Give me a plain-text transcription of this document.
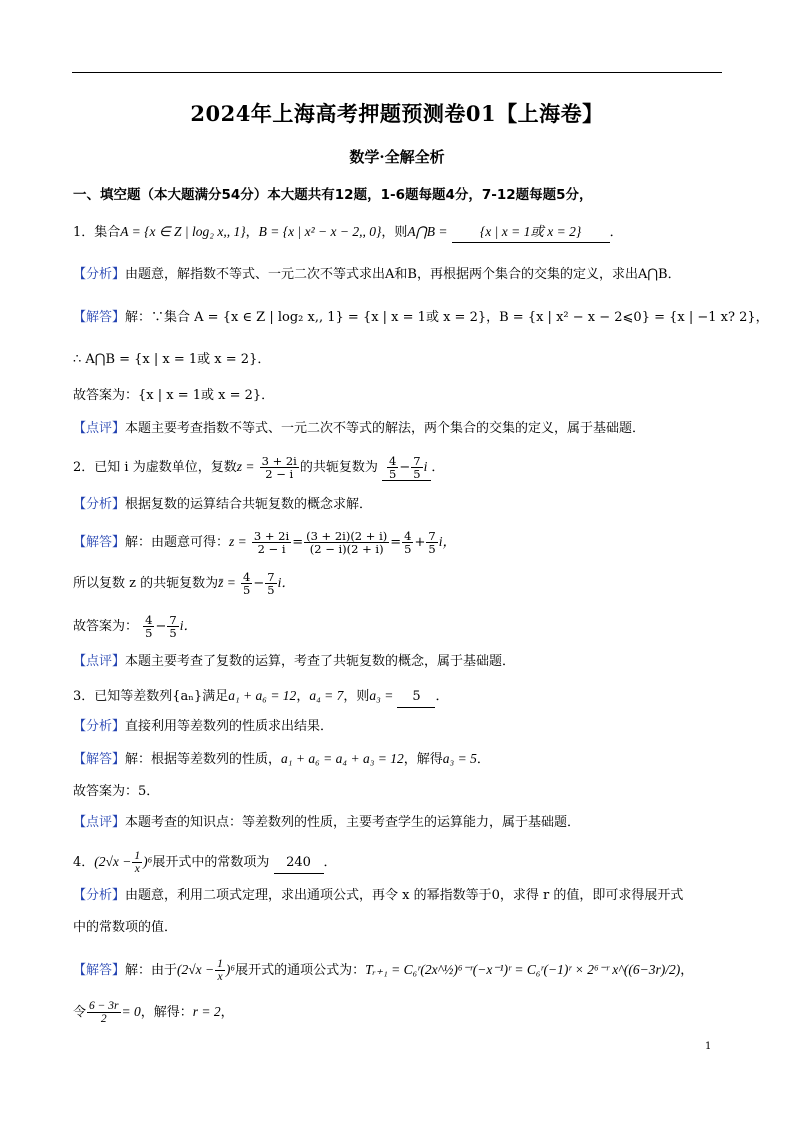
2024年上海高考押题预测卷01【上海卷】
数学·全解全析
一、填空题（本大题满分54分）本大题共有12题，1-6题每题4分，7-12题每题5分，
1．集合A = {x ∈ Z | log₂ x,, 1}，B = {x | x² − x − 2,, 0}，则A⋂B = {x | x = 1或 x = 2} ．
【分析】由题意，解指数不等式、一元二次不等式求出A和B，再根据两个集合的交集的定义，求出A⋂B．
【解答】解：∵集合 A = {x ∈ Z | log₂ x,, 1} = {x | x = 1或 x = 2}，B = {x | x² − x − 2⩽0} = {x | −1 x? 2}，
∴ A⋂B = {x | x = 1或 x = 2}．
故答案为：{x | x = 1或 x = 2}．
【点评】本题主要考查指数不等式、一元二次不等式的解法，两个集合的交集的定义，属于基础题．
2．已知 i 为虚数单位，复数$z = \frac{3 + 2i}{2 - i}$ 的共轭复数为 $\frac{4}{5} - \frac{7}{5}$ i ．
【分析】根据复数的运算结合共轭复数的概念求解．
【解答】解：由题意可得：$z = \frac{3 + 2i}{2 - i} = \frac{(3 + 2i)(2 + i)}{(2 - i)(2 + i)} = \frac{4}{5} + \frac{7}{5}$ i，
所以复数 z 的共轭复数为z̄ = $\frac{4}{5} - \frac{7}{5}$ i．
故答案为： $\frac{4}{5} - \frac{7}{5}$ i．
【点评】本题主要考查了复数的运算，考查了共轭复数的概念，属于基础题．
3．已知等差数列{aₙ}满足a₁ + a₆ = 12，a₄ = 7，则a₃ = 5 ．
【分析】直接利用等差数列的性质求出结果．
【解答】解：根据等差数列的性质，a₁ + a₆ = a₄ + a₃ = 12，解得a₃ = 5．
故答案为：5．
【点评】本题考查的知识点：等差数列的性质，主要考查学生的运算能力，属于基础题．
4．$(2√x - \frac{1}{x} )^6$展开式中的常数项为 240 ．
【分析】由题意，利用二项式定理，求出通项公式，再令 x 的幂指数等于0，求得 r 的值，即可求得展开式
中的常数项的值．
【解答】解：由于$(2√x - \frac{1}{x} )^6$展开式的通项公式为：Tᵣ₊₁ = C₆ʳ(2x^½)⁶⁻ʳ(−x⁻¹)ʳ = C₆ʳ(−1)ʳ × 2⁶⁻ʳ x^((6−3r)/2)，
令 $\frac{6 - 3r}{2} = 0$，解得：r = 2，
1
